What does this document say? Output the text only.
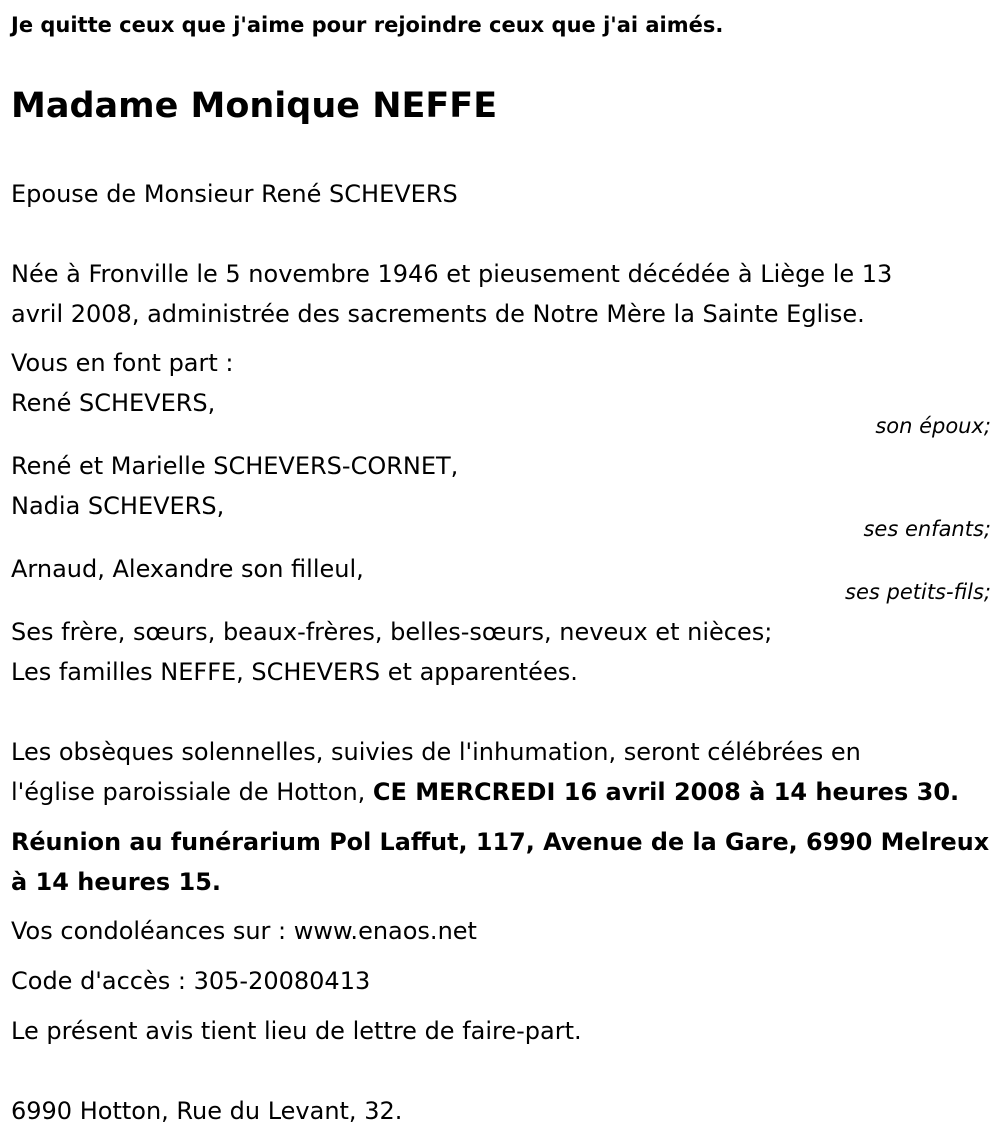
Je quitte ceux que j'aime pour rejoindre ceux que j'ai aimés.
Madame Monique NEFFE
Epouse de Monsieur René SCHEVERS
Née à Fronville le 5 novembre 1946 et pieusement décédée à Liège le 13
avril 2008, administrée des sacrements de Notre Mère la Sainte Eglise.
Vous en font part :
René SCHEVERS,
son époux;
René et Marielle SCHEVERS-CORNET,
Nadia SCHEVERS,
ses enfants;
Arnaud, Alexandre son filleul,
ses petits-fils;
Ses frère, sœurs, beaux-frères, belles-sœurs, neveux et nièces;
Les familles NEFFE, SCHEVERS et apparentées.
Les obsèques solennelles, suivies de l'inhumation, seront célébrées en
l'église paroissiale de Hotton, CE MERCREDI 16 avril 2008 à 14 heures 30.
Réunion au funérarium Pol Laffut, 117, Avenue de la Gare, 6990 Melreux
à 14 heures 15.
Vos condoléances sur : www.enaos.net
Code d'accès : 305-20080413
Le présent avis tient lieu de lettre de faire-part.
6990 Hotton, Rue du Levant, 32.
